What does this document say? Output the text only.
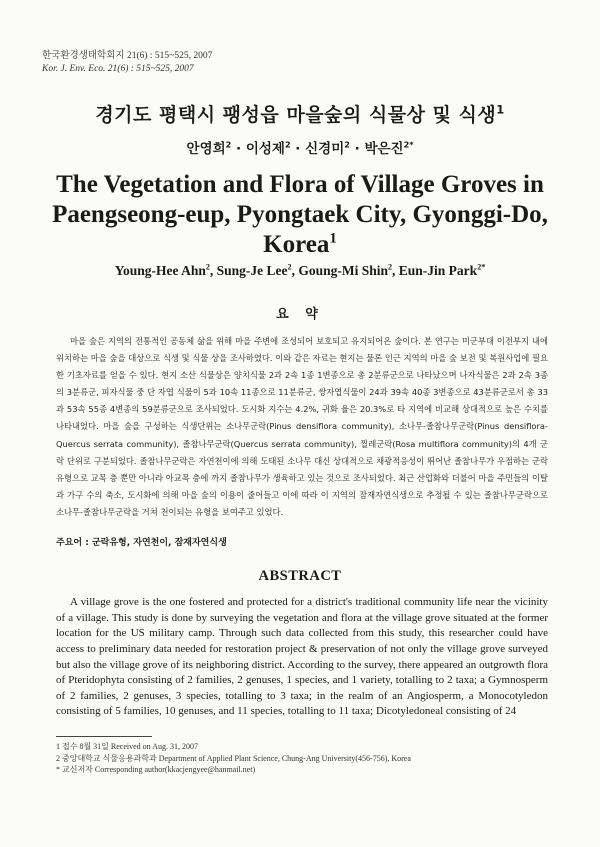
한국환경생태학회지 21(6) : 515~525, 2007
Kor. J. Env. Eco. 21(6) : 515~525, 2007
경기도 평택시 팽성읍 마을숲의 식물상 및 식생$^1$
안영희$^2$ · 이성제$^2$ · 신경미$^2$ · 박은진$^{2*}$
The Vegetation and Flora of Village Groves in Paengseong-eup, Pyongtaek City, Gyonggi-Do, Korea$^1$
Young-Hee Ahn$^2$, Sung-Je Lee$^2$, Goung-Mi Shin$^2$, Eun-Jin Park$^{2*}$
요 약
마을 숲은 지역의 전통적인 공동체 삶을 위해 마을 주변에 조성되어 보호되고 유지되어온 숲이다. 본 연구는 미군부대 이전부지 내에 위치하는 마을 숲을 대상으로 식생 및 식물 상을 조사하였다. 이와 같은 자료는 현지는 물론 인근 지역의 마을 숲 보전 및 복원사업에 필요한 기초자료를 얻을 수 있다. 현지 소산 식물상은 양치식물 2과 2속 1종 1변종으로 총 2분류군으로 나타났으며 나자식물은 2과 2속 3종의 3분류군, 피자식물 중 단 자엽 식물이 5과 10속 11종으로 11분류군, 쌍자엽식물이 24과 39속 40종 3변종으로 43분류군로서 총 33과 53속 55종 4변종의 59분류군으로 조사되었다. 도시화 지수는 4.2%, 귀화 율은 20.3%로 타 지역에 비교해 상대적으로 높은 수치를 나타내었다. 마을 숲을 구성하는 식생단위는 소나무군락(Pinus densiflora community), 소나무-졸참나무군락(Pinus densiflora-Quercus serrata community), 졸참나무군락(Quercus serrata community), 찔레군락(Rosa multiflora community)의 4개 군락 단위로 구분되었다. 졸참나무군락은 자연천이에 의해 도태된 소나무 대신 상대적으로 채광적응성이 뛰어난 졸참나무가 우점하는 군락유형으로 교목 층 뿐만 아니라 아교목 층에 까지 졸참나무가 생육하고 있는 것으로 조사되었다. 최근 산업화와 더불어 마을 주민들의 이탈과 가구 수의 축소, 도시화에 의해 마을 숲의 이용이 줄어들고 이에 따라 이 지역의 잠재자연식생으로 추정될 수 있는 졸참나무군락으로 소나무-졸참나무군락을 거쳐 천이되는 유형을 보여주고 있었다.
주요어 : 군락유형, 자연천이, 잠재자연식생
ABSTRACT
A village grove is the one fostered and protected for a district's traditional community life near the vicinity of a village. This study is done by surveying the vegetation and flora at the village grove situated at the former location for the US military camp. Through such data collected from this study, this researcher could have access to preliminary data needed for restoration project & preservation of not only the village grove surveyed but also the village grove of its neighboring district. According to the survey, there appeared an outgrowth flora of Pteridophyta consisting of 2 families, 2 genuses, 1 species, and 1 variety, totalling to 2 taxa; a Gymnosperm of 2 families, 2 genuses, 3 species, totalling to 3 taxa; in the realm of an Angiosperm, a Monocotyledon consisting of 5 families, 10 genuses, and 11 species, totalling to 11 taxa; Dicotyledoneal consisting of 24
1 접수 8월 31일 Received on Aug. 31, 2007
2 중앙대학교 식물응용과학과 Department of Applied Plant Science, Chung-Ang University(456-756), Korea
* 교신저자 Corresponding author(kkacjengyee@hanmail.net)
